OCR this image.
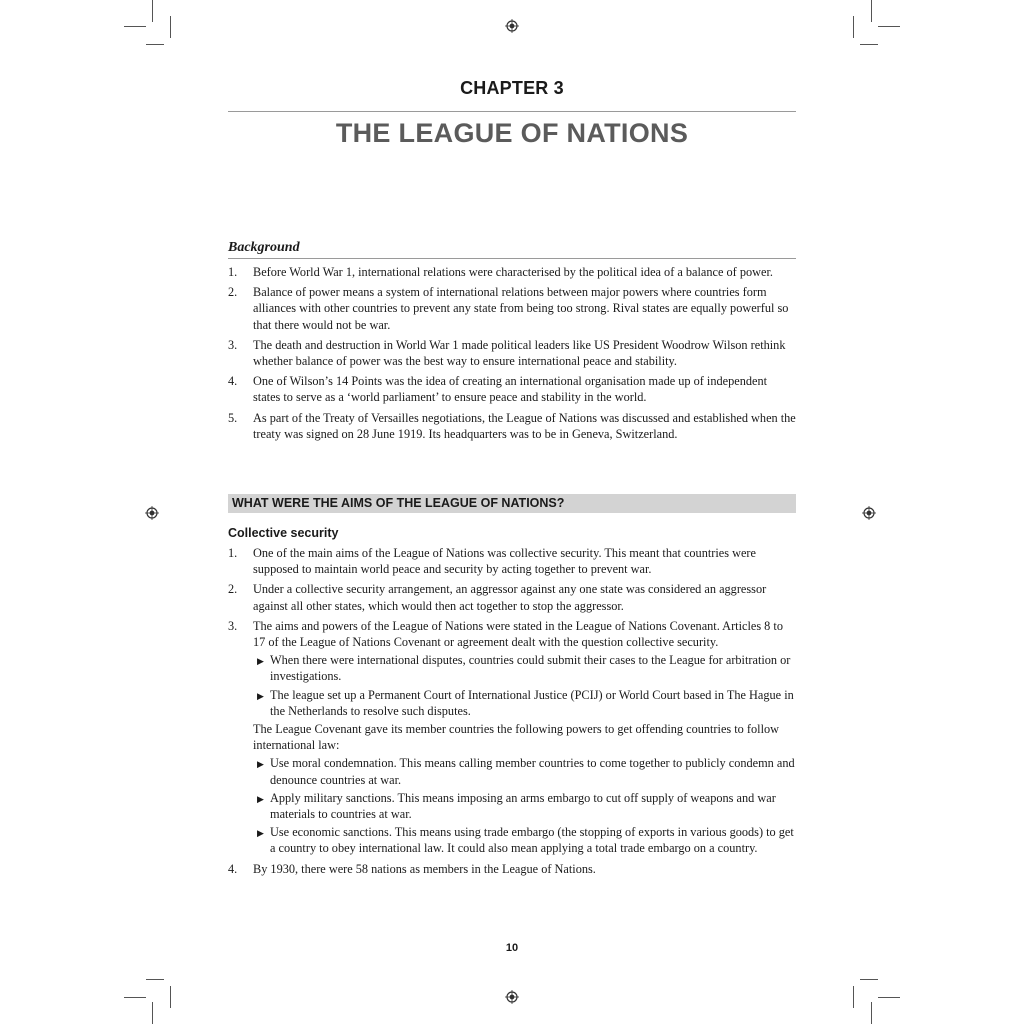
CHAPTER 3
THE LEAGUE OF NATIONS
Background
1. Before World War 1, international relations were characterised by the political idea of a balance of power.
2. Balance of power means a system of international relations between major powers where countries form alliances with other countries to prevent any state from being too strong. Rival states are equally powerful so that there would not be war.
3. The death and destruction in World War 1 made political leaders like US President Woodrow Wilson rethink whether balance of power was the best way to ensure international peace and stability.
4. One of Wilson’s 14 Points was the idea of creating an international organisation made up of independent states to serve as a ‘world parliament’ to ensure peace and stability in the world.
5. As part of the Treaty of Versailles negotiations, the League of Nations was discussed and established when the treaty was signed on 28 June 1919. Its headquarters was to be in Geneva, Switzerland.
WHAT WERE THE AIMS OF THE LEAGUE OF NATIONS?
Collective security
1. One of the main aims of the League of Nations was collective security. This meant that countries were supposed to maintain world peace and security by acting together to prevent war.
2. Under a collective security arrangement, an aggressor against any one state was considered an aggressor against all other states, which would then act together to stop the aggressor.
3. The aims and powers of the League of Nations were stated in the League of Nations Covenant. Articles 8 to 17 of the League of Nations Covenant or agreement dealt with the question collective security.
▶ When there were international disputes, countries could submit their cases to the League for arbitration or investigations.
▶ The league set up a Permanent Court of International Justice (PCIJ) or World Court based in The Hague in the Netherlands to resolve such disputes.
The League Covenant gave its member countries the following powers to get offending countries to follow international law:
▶ Use moral condemnation. This means calling member countries to come together to publicly condemn and denounce countries at war.
▶ Apply military sanctions. This means imposing an arms embargo to cut off supply of weapons and war materials to countries at war.
▶ Use economic sanctions. This means using trade embargo (the stopping of exports in various goods) to get a country to obey international law. It could also mean applying a total trade embargo on a country.
4. By 1930, there were 58 nations as members in the League of Nations.
10
